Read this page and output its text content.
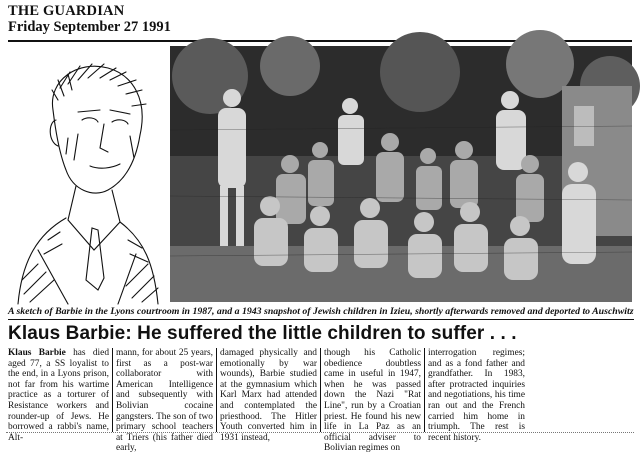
THE GUARDIAN
Friday September 27 1991
A sketch of Barbie in the Lyons courtroom in 1987, and a 1943 snapshot of Jewish children in Izieu, shortly afterwards removed and deported to Auschwitz
Klaus Barbie: He suffered the little children to suffer . . .
Klaus Barbie has died aged 77, a SS loyalist to the end, in a Lyons prison, not far from his wartime practice as a torturer of Resistance workers and rounder-up of Jews. He borrowed a rabbi's name, Alt-
mann, for about 25 years, first as a post-war collaborator with American Intelligence and subsequently with Bolivian cocaine gangsters. The son of two primary school teachers at Triers (his father died early,
damaged physically and emotionally by war wounds), Barbie studied at the gymnasium which Karl Marx had attended and contemplated the priesthood. The Hitler Youth converted him in 1931 instead,
though his Catholic obedience doubtless came in useful in 1947, when he was passed down the Nazi "Rat Line", run by a Croatian priest. He found his new life in La Paz as an official adviser to Bolivian regimes on
interrogation regimes; and as a fond father and grandfather. In 1983, after protracted inquiries and negotiations, his time ran out and the French carried him home in triumph. The rest is recent history.
